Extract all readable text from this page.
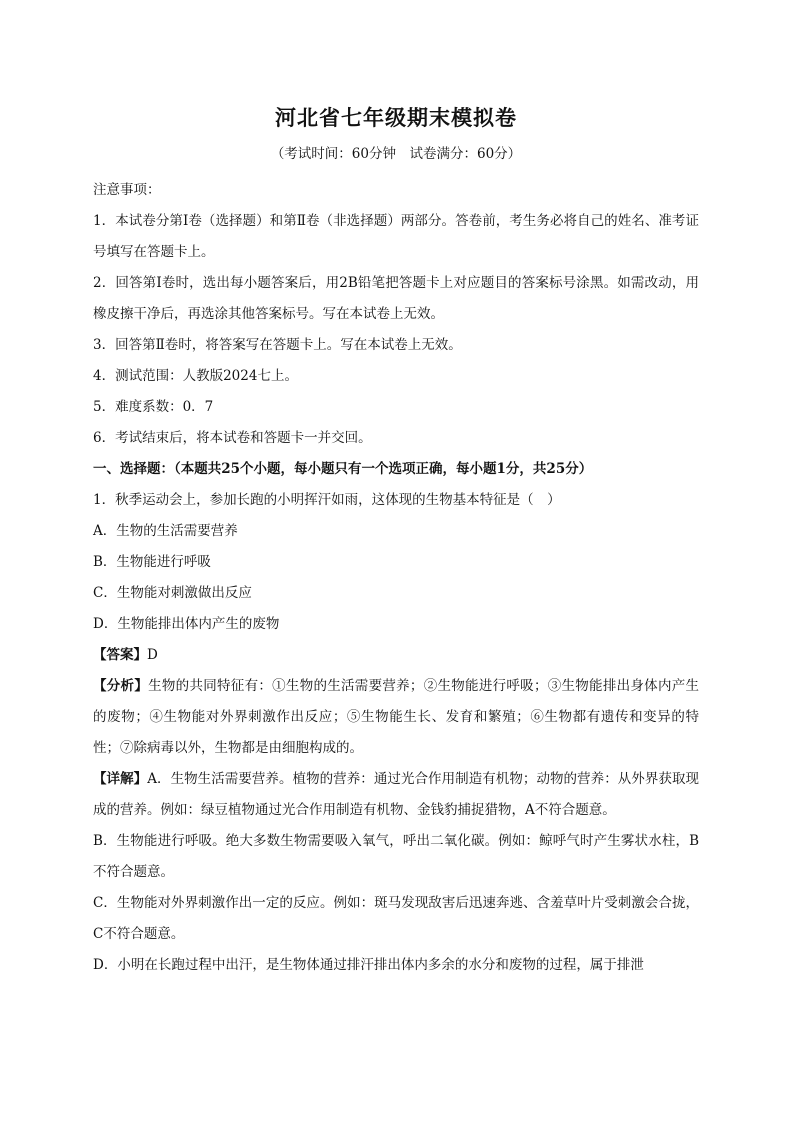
河北省七年级期末模拟卷
（考试时间：60分钟　试卷满分：60分）
注意事项：
1．本试卷分第Ⅰ卷（选择题）和第Ⅱ卷（非选择题）两部分。答卷前，考生务必将自己的姓名、准考证号填写在答题卡上。
2．回答第Ⅰ卷时，选出每小题答案后，用2B铅笔把答题卡上对应题目的答案标号涂黑。如需改动，用橡皮擦干净后，再选涂其他答案标号。写在本试卷上无效。
3．回答第Ⅱ卷时，将答案写在答题卡上。写在本试卷上无效。
4．测试范围：人教版2024七上。
5．难度系数：0．7
6．考试结束后，将本试卷和答题卡一并交回。
一、选择题：（本题共25个小题，每小题只有一个选项正确，每小题1分，共25分）
1．秋季运动会上，参加长跑的小明挥汗如雨，这体现的生物基本特征是（　）
A．生物的生活需要营养
B．生物能进行呼吸
C．生物能对刺激做出反应
D．生物能排出体内产生的废物
【答案】D
【分析】生物的共同特征有：①生物的生活需要营养；②生物能进行呼吸；③生物能排出身体内产生的废物；④生物能对外界刺激作出反应；⑤生物能生长、发育和繁殖；⑥生物都有遗传和变异的特性；⑦除病毒以外，生物都是由细胞构成的。
【详解】A．生物生活需要营养。植物的营养：通过光合作用制造有机物；动物的营养：从外界获取现成的营养。例如：绿豆植物通过光合作用制造有机物、金钱豹捕捉猎物，A不符合题意。
B．生物能进行呼吸。绝大多数生物需要吸入氧气，呼出二氧化碳。例如：鲸呼气时产生雾状水柱，B不符合题意。
C．生物能对外界刺激作出一定的反应。例如：斑马发现敌害后迅速奔逃、含羞草叶片受刺激会合拢，C不符合题意。
D．小明在长跑过程中出汗，是生物体通过排汗排出体内多余的水分和废物的过程，属于排泄
